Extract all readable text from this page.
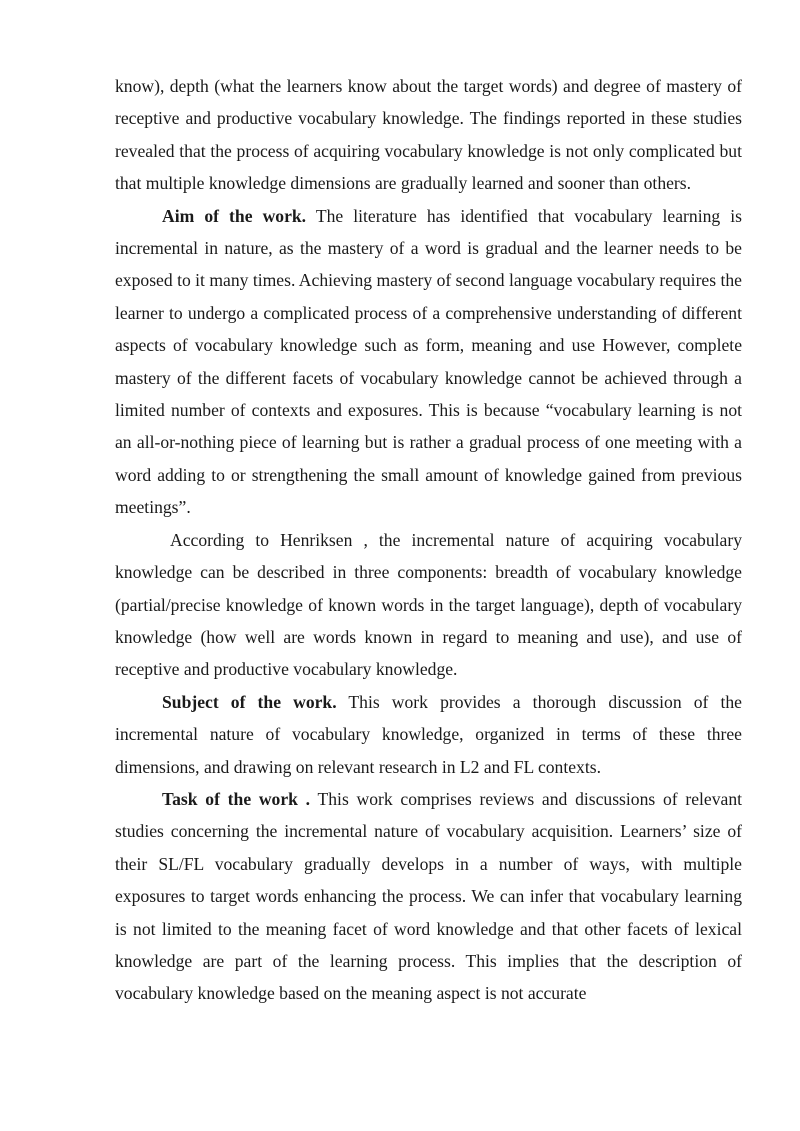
know), depth (what the learners know about the target words) and degree of mastery of receptive and productive vocabulary knowledge. The findings reported in these studies revealed that the process of acquiring vocabulary knowledge is not only complicated but that multiple knowledge dimensions are gradually learned and sooner than others.

Aim of the work. The literature has identified that vocabulary learning is incremental in nature, as the mastery of a word is gradual and the learner needs to be exposed to it many times. Achieving mastery of second language vocabulary requires the learner to undergo a complicated process of a comprehensive understanding of different aspects of vocabulary knowledge such as form, meaning and use However, complete mastery of the different facets of vocabulary knowledge cannot be achieved through a limited number of contexts and exposures. This is because “vocabulary learning is not an all-or-nothing piece of learning but is rather a gradual process of one meeting with a word adding to or strengthening the small amount of knowledge gained from previous meetings”.

According to Henriksen , the incremental nature of acquiring vocabulary knowledge can be described in three components: breadth of vocabulary knowledge (partial/precise knowledge of known words in the target language), depth of vocabulary knowledge (how well are words known in regard to meaning and use), and use of receptive and productive vocabulary knowledge.

Subject of the work. This work provides a thorough discussion of the incremental nature of vocabulary knowledge, organized in terms of these three dimensions, and drawing on relevant research in L2 and FL contexts.

Task of the work . This work comprises reviews and discussions of relevant studies concerning the incremental nature of vocabulary acquisition. Learners’ size of their SL/FL vocabulary gradually develops in a number of ways, with multiple exposures to target words enhancing the process. We can infer that vocabulary learning is not limited to the meaning facet of word knowledge and that other facets of lexical knowledge are part of the learning process. This implies that the description of vocabulary knowledge based on the meaning aspect is not accurate
